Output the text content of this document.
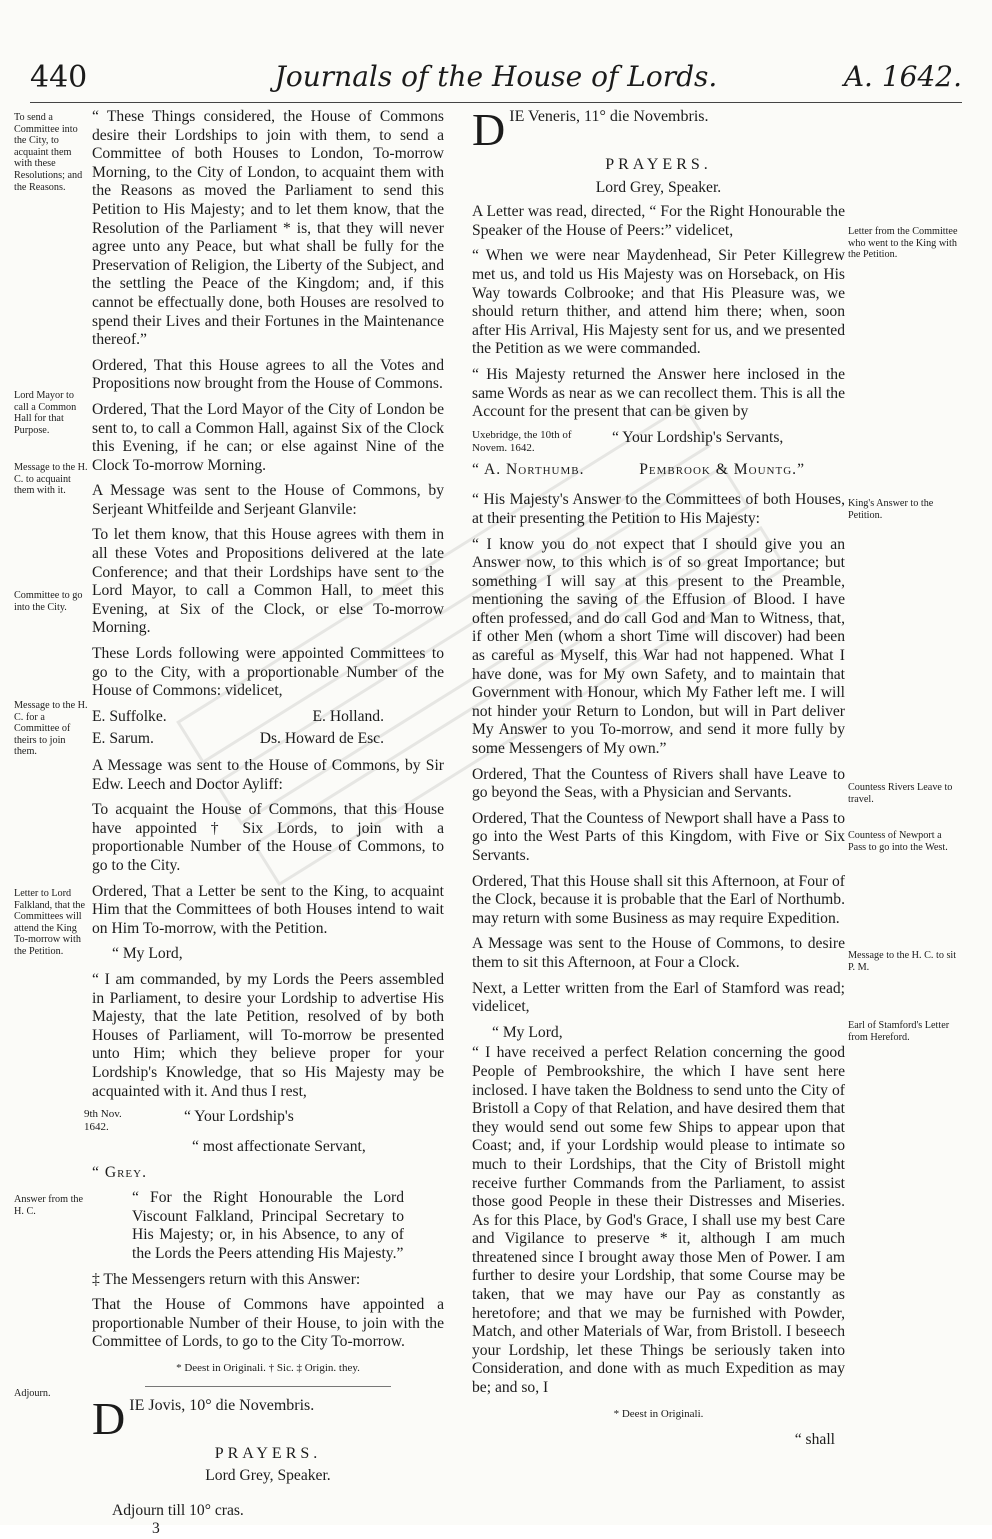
440	Journals of the House of Lords.	A. 1642.
To send a Committee into the City, to acquaint them with these Resolutions; and the Reasons.
Lord Mayor to call a Common Hall for that Purpose.
Message to the H. C. to acquaint them with it.
Committee to go into the City.
Message to the H. C. for a Committee of theirs to join them.
Letter to Lord Falkland, that the Committees will attend the King To-morrow with the Petition.
Answer from the H. C.
Adjourn.
Letter from the Committee who went to the King with the Petition.
King's Answer to the Petition.
Countess Rivers Leave to travel.
Countess of Newport a Pass to go into the West.
Message to the H. C. to sit P. M.
Earl of Stamford's Letter from Hereford.

“ These Things considered, the House of Commons desire their Lordships to join with them, to send a Committee of both Houses to London, To-morrow Morning, to the City of London, to acquaint them with the Reasons as moved the Parliament to send this Petition to His Majesty; and to let them know, that the Resolution of the Parliament * is, that they will never agree unto any Peace, but what shall be fully for the Preservation of Religion, the Liberty of the Subject, and the settling the Peace of the Kingdom; and, if this cannot be effectually done, both Houses are resolved to spend their Lives and their Fortunes in the Maintenance thereof.”

Ordered, That this House agrees to all the Votes and Propositions now brought from the House of Commons.

Ordered, That the Lord Mayor of the City of London be sent to, to call a Common Hall, against Six of the Clock this Evening, if he can; or else against Nine of the Clock To-morrow Morning.

A Message was sent to the House of Commons, by Serjeant Whitfeilde and Serjeant Glanvile:

To let them know, that this House agrees with them in all these Votes and Propositions delivered at the late Conference; and that their Lordships have sent to the Lord Mayor, to call a Common Hall, to meet this Evening, at Six of the Clock, or else To-morrow Morning.

These Lords following were appointed Committees to go to the City, with a proportionable Number of the House of Commons: videlicet,

E. Suffolke.	E. Holland.
E. Sarum.	Ds. Howard de Esc.

A Message was sent to the House of Commons, by Sir Edw. Leech and Doctor Ayliff:

To acquaint the House of Commons, that this House have appointed † Six Lords, to join with a proportionable Number of the House of Commons, to go to the City.

Ordered, That a Letter be sent to the King, to acquaint Him that the Committees of both Houses intend to wait on Him To-morrow, with the Petition.

“ My Lord,

“ I am commanded, by my Lords the Peers assembled in Parliament, to desire your Lordship to advertise His Majesty, that the late Petition, resolved of by both Houses of Parliament, will To-morrow be presented unto Him; which they believe proper for your Lordship's Knowledge, that so His Majesty may be acquainted with it. And thus I rest,

9th Nov. 1642.
“ Your Lordship's

“ most affectionate Servant,

“ Grey.

“ For the Right Honourable the Lord Viscount Falkland, Principal Secretary to His Majesty; or, in his Absence, to any of the Lords the Peers attending His Majesty.”

‡ The Messengers return with this Answer:

That the House of Commons have appointed a proportionable Number of their House, to join with the Committee of Lords, to go to the City To-morrow.

* Deest in Originali. † Sic. ‡ Origin. they.
D IE Jovis, 10° die Novembris.
PRAYERS.
Lord Grey, Speaker.
Adjourn till 10° cras.
3
D IE Veneris, 11° die Novembris.
PRAYERS.
Lord Grey, Speaker.

A Letter was read, directed, “ For the Right Honourable the Speaker of the House of Peers:” videlicet,

“ When we were near Maydenhead, Sir Peter Killegrew met us, and told us His Majesty was on Horseback, on His Way towards Colbrooke; and that His Pleasure was, we should return thither, and attend him there; when, soon after His Arrival, His Majesty sent for us, and we presented the Petition as we were commanded.

“ His Majesty returned the Answer here inclosed in the same Words as near as we can recollect them. This is all the Account for the present that can be given by

Uxebridge, the 10th of Novem. 1642.
“ Your Lordship's Servants,
“ A. Northumb.	Pembrook & Mountg.”

“ His Majesty's Answer to the Committees of both Houses, at their presenting the Petition to His Majesty:

“ I know you do not expect that I should give you an Answer now, to this which is of so great Importance; but something I will say at this present to the Preamble, mentioning the saving of the Effusion of Blood. I have often professed, and do call God and Man to Witness, that, if other Men (whom a short Time will discover) had been as careful as Myself, this War had not happened. What I have done, was for My own Safety, and to maintain that Government with Honour, which My Father left me. I will not hinder your Return to London, but will in Part deliver My Answer to you To-morrow, and send it more fully by some Messengers of My own.”

Ordered, That the Countess of Rivers shall have Leave to go beyond the Seas, with a Physician and Servants.

Ordered, That the Countess of Newport shall have a Pass to go into the West Parts of this Kingdom, with Five or Six Servants.

Ordered, That this House shall sit this Afternoon, at Four of the Clock, because it is probable that the Earl of Northumb. may return with some Business as may require Expedition.

A Message was sent to the House of Commons, to desire them to sit this Afternoon, at Four a Clock.

Next, a Letter written from the Earl of Stamford was read; videlicet,

“ My Lord,

“ I have received a perfect Relation concerning the good People of Pembrookshire, the which I have sent here inclosed. I have taken the Boldness to send unto the City of Bristoll a Copy of that Relation, and have desired them that they would send out some few Ships to appear upon that Coast; and, if your Lordship would please to intimate so much to their Lordships, that the City of Bristoll might receive further Commands from the Parliament, to assist those good People in these their Distresses and Miseries. As for this Place, by God's Grace, I shall use my best Care and Vigilance to preserve * it, although I am much threatened since I brought away those Men of Power. I am further to desire your Lordship, that some Course may be taken, that we may have our Pay as constantly as heretofore; and that we may be furnished with Powder, Match, and other Materials of War, from Bristoll. I beseech your Lordship, let these Things be seriously taken into Consideration, and done with as much Expedition as may be; and so, I

* Deest in Originali.
“ shall
